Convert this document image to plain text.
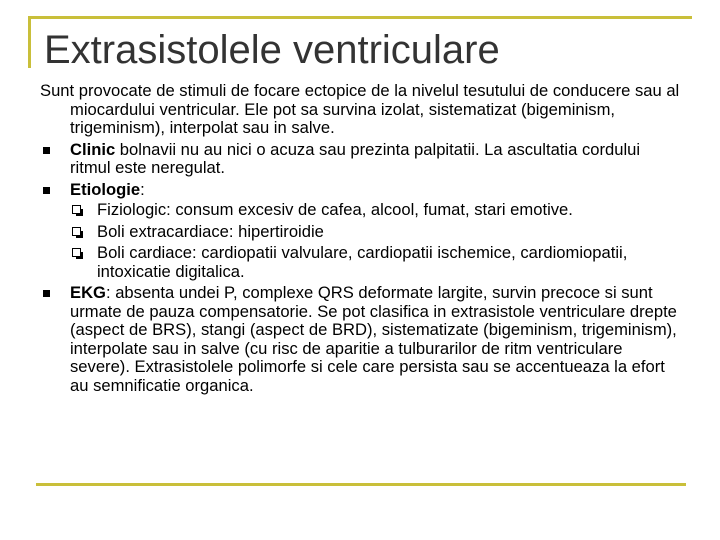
Extrasistolele ventriculare

Sunt provocate de stimuli de focare ectopice de la nivelul tesutului de conducere sau al miocardului ventricular. Ele pot sa survina izolat, sistematizat (bigeminism, trigeminism), interpolat sau in salve.

Clinic bolnavii nu au nici o acuza sau prezinta palpitatii. La ascultatia cordului ritmul este neregulat.
Etiologie:
Fiziologic: consum excesiv de cafea, alcool, fumat, stari emotive.
Boli extracardiace: hipertiroidie
Boli cardiace: cardiopatii valvulare, cardiopatii ischemice, cardiomiopatii, intoxicatie digitalica.
EKG: absenta undei P, complexe QRS deformate largite, survin precoce si sunt urmate de pauza compensatorie. Se pot clasifica in extrasistole ventriculare drepte (aspect de BRS), stangi (aspect de BRD), sistematizate (bigeminism, trigeminism), interpolate sau in salve (cu risc de aparitie a tulburarilor de ritm ventriculare severe). Extrasistolele polimorfe si cele care persista sau se accentueaza la efort au semnificatie organica.
